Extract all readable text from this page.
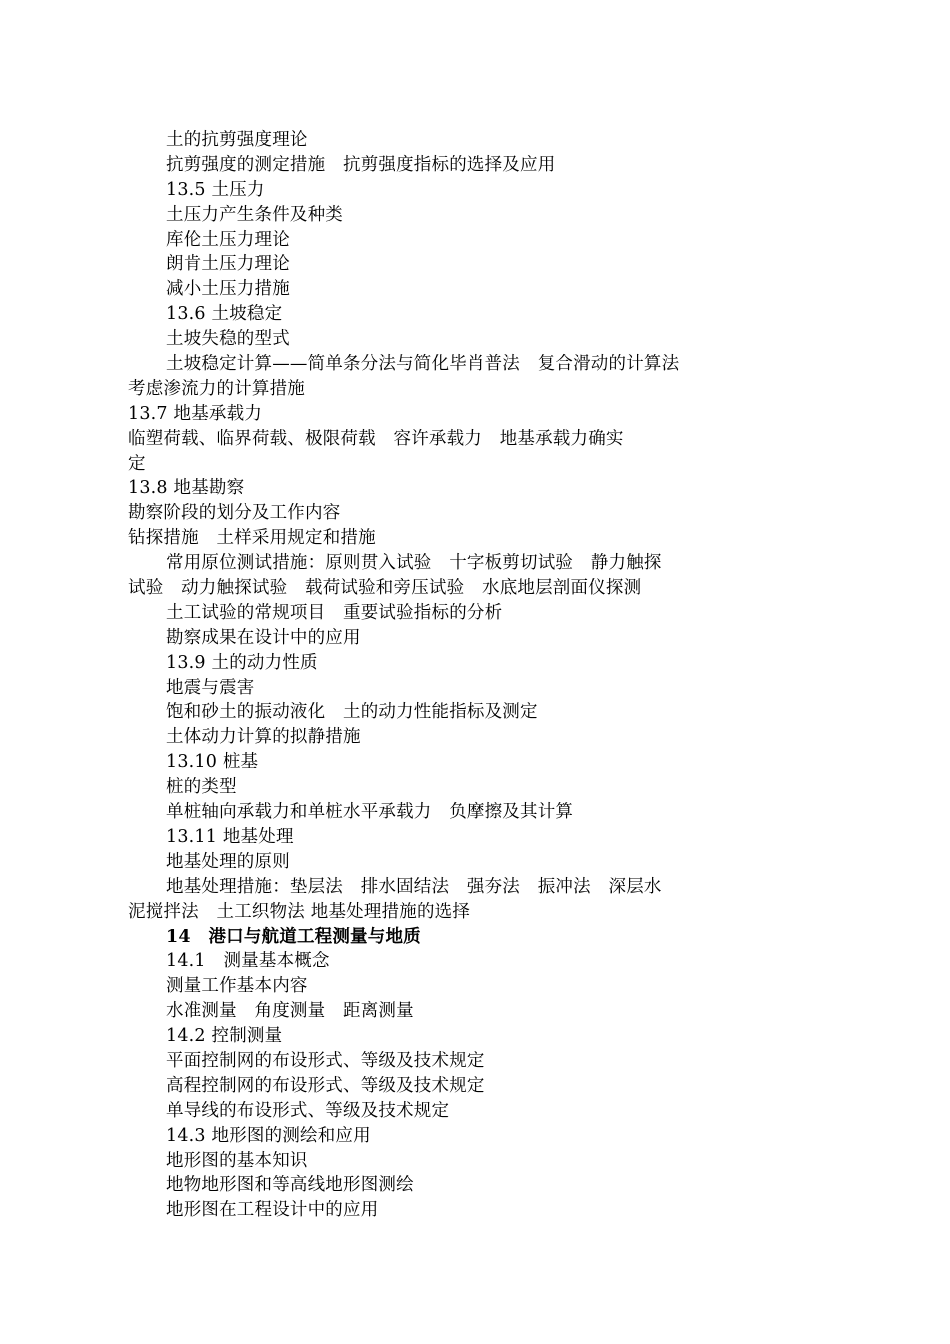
土的抗剪强度理论
抗剪强度的测定措施　抗剪强度指标的选择及应用
13.5 土压力
土压力产生条件及种类
库伦土压力理论
朗肯土压力理论
减小土压力措施
13.6 土坡稳定
土坡失稳的型式
土坡稳定计算——简单条分法与简化毕肖普法　复合滑动的计算法
考虑渗流力的计算措施
13.7 地基承载力
临塑荷载、临界荷载、极限荷载　容许承载力　地基承载力确实
定
13.8 地基勘察
勘察阶段的划分及工作内容
钻探措施　土样采用规定和措施
常用原位测试措施：原则贯入试验　十字板剪切试验　静力触探
试验　动力触探试验　载荷试验和旁压试验　水底地层剖面仪探测
土工试验的常规项目　重要试验指标的分析
勘察成果在设计中的应用
13.9 土的动力性质
地震与震害
饱和砂土的振动液化　土的动力性能指标及测定
土体动力计算的拟静措施
13.10 桩基
桩的类型
单桩轴向承载力和单桩水平承载力　负摩擦及其计算
13.11 地基处理
地基处理的原则
地基处理措施：垫层法　排水固结法　强夯法　振冲法　深层水
泥搅拌法　土工织物法 地基处理措施的选择
14　港口与航道工程测量与地质
14.1　测量基本概念
测量工作基本内容
水准测量　角度测量　距离测量
14.2 控制测量
平面控制网的布设形式、等级及技术规定
高程控制网的布设形式、等级及技术规定
单导线的布设形式、等级及技术规定
14.3 地形图的测绘和应用
地形图的基本知识
地物地形图和等高线地形图测绘
地形图在工程设计中的应用
